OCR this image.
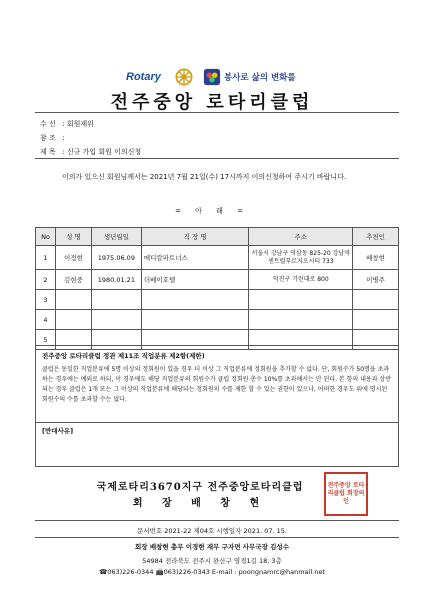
Rotary	봉사로 삶의 변화를
전주중앙 로타리클럽
수 신 : 회원제위
참 조 :
제 목 : 신규 가입 회원 이의신청
이의가 있으신 회원님께서는 2021년 7월 21일(수) 17시까지 이의신청하여 주시기 바랍니다.
= 아 래 =
No	성 명	생년월일	직 장 명	주소	추천인
1	이정현	1975.06.09	메디칼파트너스	서울시 강남구 역삼동 825-20 강남역센트럴푸르지오시티 733	배창현
2	김현중	1980.01.21	더베이호텔	덕진구 기린대로 800	이병주
3					
4					
5					
전주중앙 로타리클럽 정관 제11조 직업분류 제2항(제한)
클럽은 동일한 직업분류에 5명 이상의 정회원이 있을 경우 더 이상 그 직업분류에 정회원을 추가할 수 없다. 단, 회원수가 50명을 초과하는 경우에는 예외로 하되, 이 경우에도 해당 직업분류의 회원수가 클럽 정회원 총수 10%를 초과해서는 안 된다. 본 항의 내용과 상반되는 경우 클럽은 1개 또는 그 이상의 직업분류에 해당되는 정회원의 수를 제한 할 수 있는 권한이 있으나, 어떠한 경우도 위에 명시된 회원수의 수를 초과할 수는 없다.
[반대사유]
국제로타리3670지구 전주중앙로타리클럽
회 장 배 창 현
전주중앙 로타리클럽 회장의인
문서번호 2021-22 제04호 시행일자 2021. 07. 15.
회장 배창현 총무 이경현 재무 구자면 사무국장 김성수
54984 전라북도 전주시 완산구 영경1길 18, 3층
☎063)226-0344 📠063)226-0343 E-mail : poongnamrc@hanmail.net
